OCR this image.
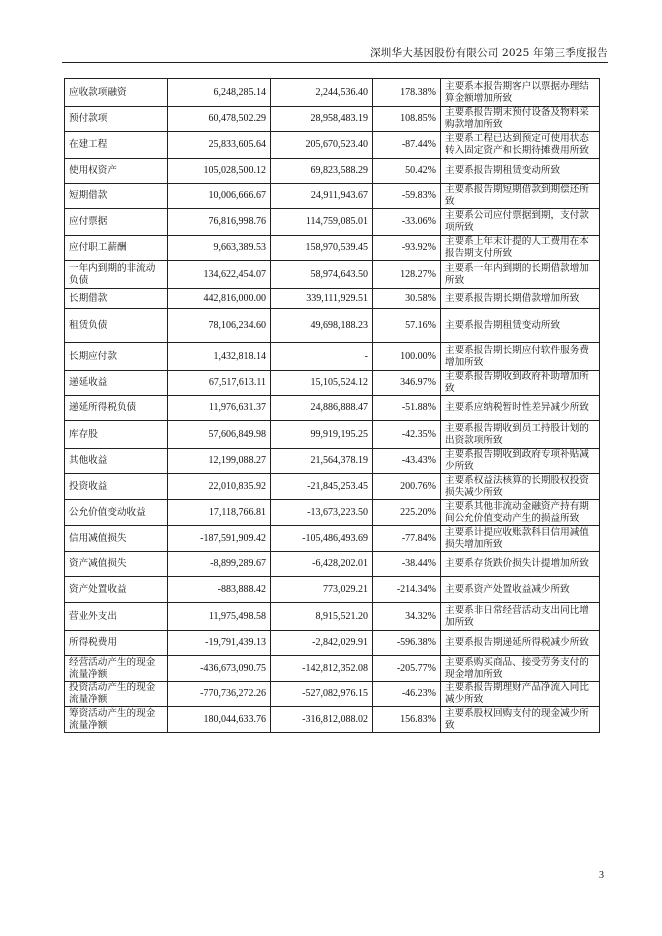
深圳华大基因股份有限公司 2025 年第三季度报告
应收款项融资	6,248,285.14	2,244,536.40	178.38%	主要系本报告期客户以票据办理结算金额增加所致
预付款项	60,478,502.29	28,958,483.19	108.85%	主要系报告期末预付设备及物料采购款增加所致
在建工程	25,833,605.64	205,670,523.40	-87.44%	主要系工程已达到预定可使用状态转入固定资产和长期待摊费用所致
使用权资产	105,028,500.12	69,823,588.29	50.42%	主要系报告期租赁变动所致
短期借款	10,006,666.67	24,911,943.67	-59.83%	主要系报告期短期借款到期偿还所致
应付票据	76,816,998.76	114,759,085.01	-33.06%	主要系公司应付票据到期，支付款项所致
应付职工薪酬	9,663,389.53	158,970,539.45	-93.92%	主要系上年末计提的人工费用在本报告期支付所致
一年内到期的非流动负债	134,622,454.07	58,974,643.50	128.27%	主要系一年内到期的长期借款增加所致
长期借款	442,816,000.00	339,111,929.51	30.58%	主要系报告期长期借款增加所致
租赁负债	78,106,234.60	49,698,188.23	57.16%	主要系报告期租赁变动所致
长期应付款	1,432,818.14	-	100.00%	主要系报告期长期应付软件服务费增加所致
递延收益	67,517,613.11	15,105,524.12	346.97%	主要系报告期收到政府补助增加所致
递延所得税负债	11,976,631.37	24,886,888.47	-51.88%	主要系应纳税暂时性差异减少所致
库存股	57,606,849.98	99,919,195.25	-42.35%	主要系报告期收到员工持股计划的出资款项所致
其他收益	12,199,088.27	21,564,378.19	-43.43%	主要系报告期收到政府专项补贴减少所致
投资收益	22,010,835.92	-21,845,253.45	200.76%	主要系权益法核算的长期股权投资损失减少所致
公允价值变动收益	17,118,766.81	-13,673,223.50	225.20%	主要系其他非流动金融资产持有期间公允价值变动产生的损益所致
信用减值损失	-187,591,909.42	-105,486,493.69	-77.84%	主要系计提应收账款科目信用减值损失增加所致
资产减值损失	-8,899,289.67	-6,428,202.01	-38.44%	主要系存货跌价损失计提增加所致
资产处置收益	-883,888.42	773,029.21	-214.34%	主要系资产处置收益减少所致
营业外支出	11,975,498.58	8,915,521.20	34.32%	主要系非日常经营活动支出同比增加所致
所得税费用	-19,791,439.13	-2,842,029.91	-596.38%	主要系报告期递延所得税减少所致
经营活动产生的现金流量净额	-436,673,090.75	-142,812,352.08	-205.77%	主要系购买商品、接受劳务支付的现金增加所致
投资活动产生的现金流量净额	-770,736,272.26	-527,082,976.15	-46.23%	主要系报告期理财产品净流入同比减少所致
筹资活动产生的现金流量净额	180,044,633.76	-316,812,088.02	156.83%	主要系股权回购支付的现金减少所致
3
